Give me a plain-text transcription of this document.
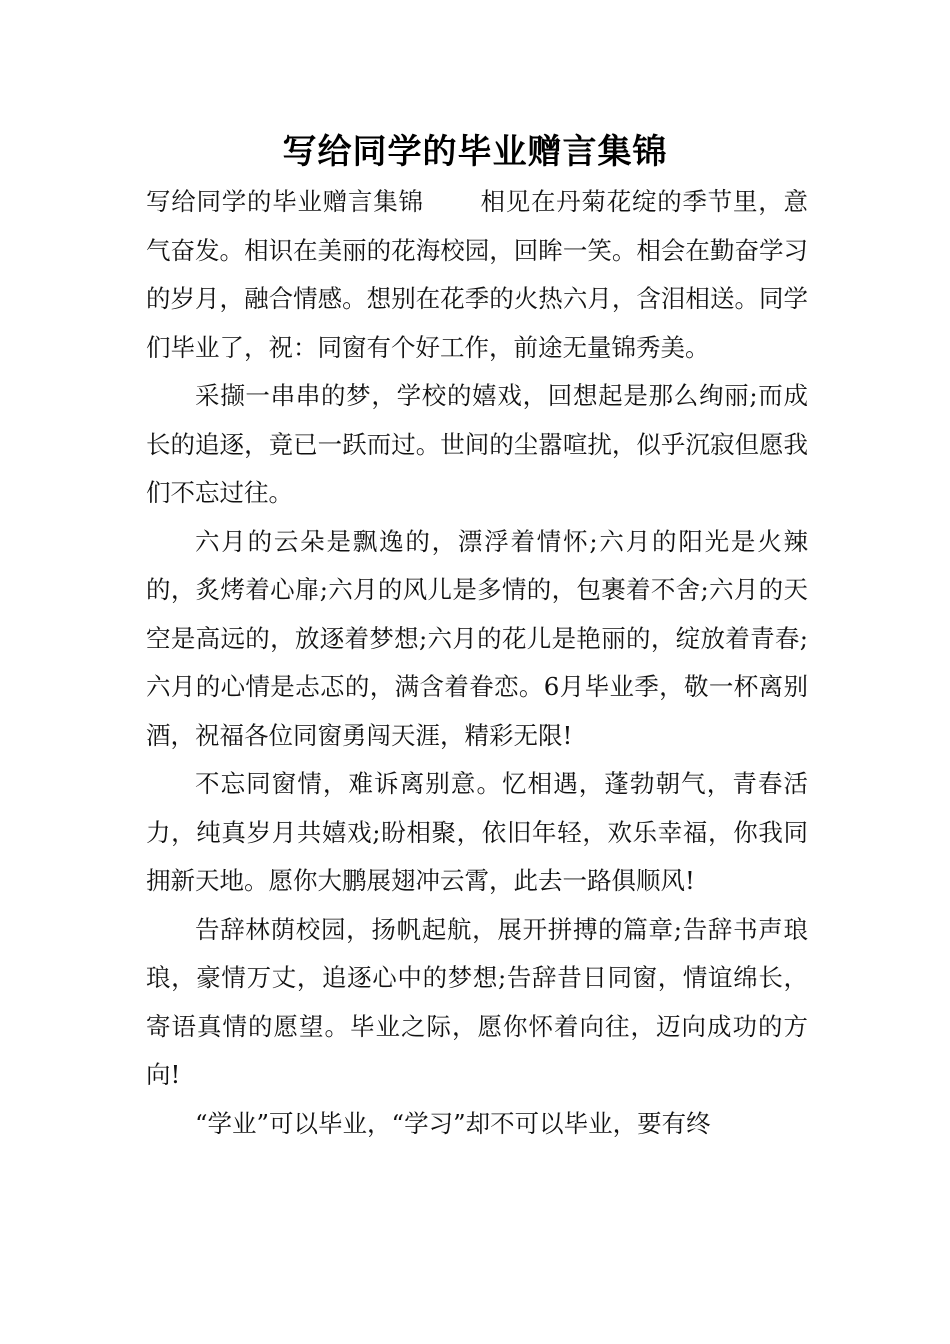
写给同学的毕业赠言集锦

写给同学的毕业赠言集锦 相见在丹菊花绽的季节里，意气奋发。相识在美丽的花海校园，回眸一笑。相会在勤奋学习的岁月，融合情感。想别在花季的火热六月，含泪相送。同学们毕业了，祝：同窗有个好工作，前途无量锦秀美。

采撷一串串的梦，学校的嬉戏，回想起是那么绚丽;而成长的追逐，竟已一跃而过。世间的尘嚣喧扰，似乎沉寂但愿我们不忘过往。

六月的云朵是飘逸的，漂浮着情怀;六月的阳光是火辣的，炙烤着心扉;六月的风儿是多情的，包裹着不舍;六月的天空是高远的，放逐着梦想;六月的花儿是艳丽的，绽放着青春;六月的心情是忐忑的，满含着眷恋。6月毕业季，敬一杯离别酒，祝福各位同窗勇闯天涯，精彩无限!

不忘同窗情，难诉离别意。忆相遇，蓬勃朝气，青春活力，纯真岁月共嬉戏;盼相聚，依旧年轻，欢乐幸福，你我同拥新天地。愿你大鹏展翅冲云霄，此去一路俱顺风!

告辞林荫校园，扬帆起航，展开拼搏的篇章;告辞书声琅琅，豪情万丈，追逐心中的梦想;告辞昔日同窗，情谊绵长，寄语真情的愿望。毕业之际，愿你怀着向往，迈向成功的方向!

“学业”可以毕业，“学习”却不可以毕业，要有终
